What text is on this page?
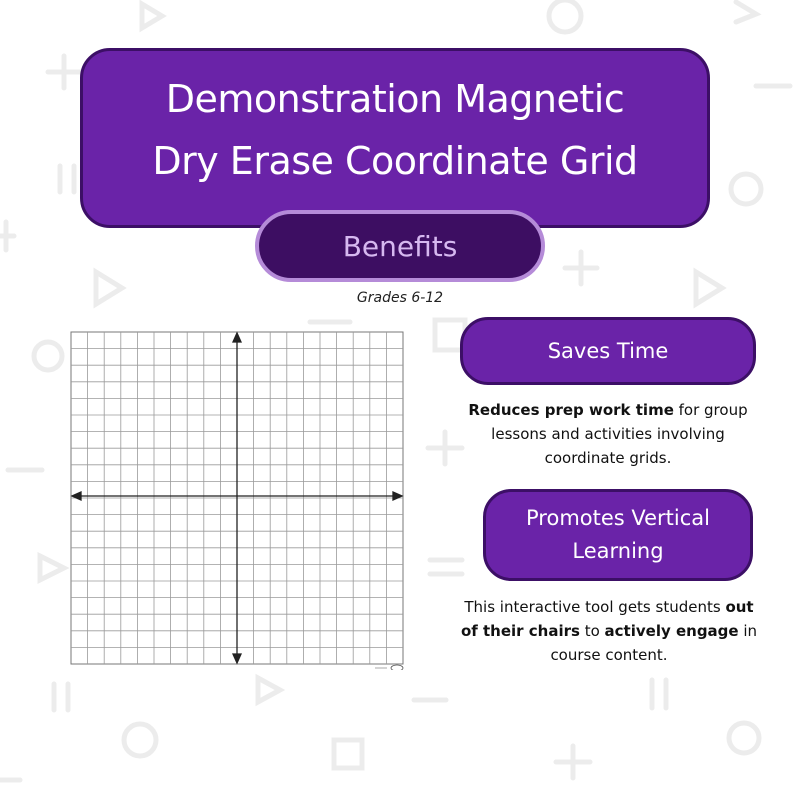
Demonstration Magnetic
Dry Erase Coordinate Grid
Benefits
Grades 6-12
Saves Time
Reduces prep work time for group lessons and activities involving coordinate grids.
Promotes Vertical
Learning
This interactive tool gets students out of their chairs to actively engage in course content.
